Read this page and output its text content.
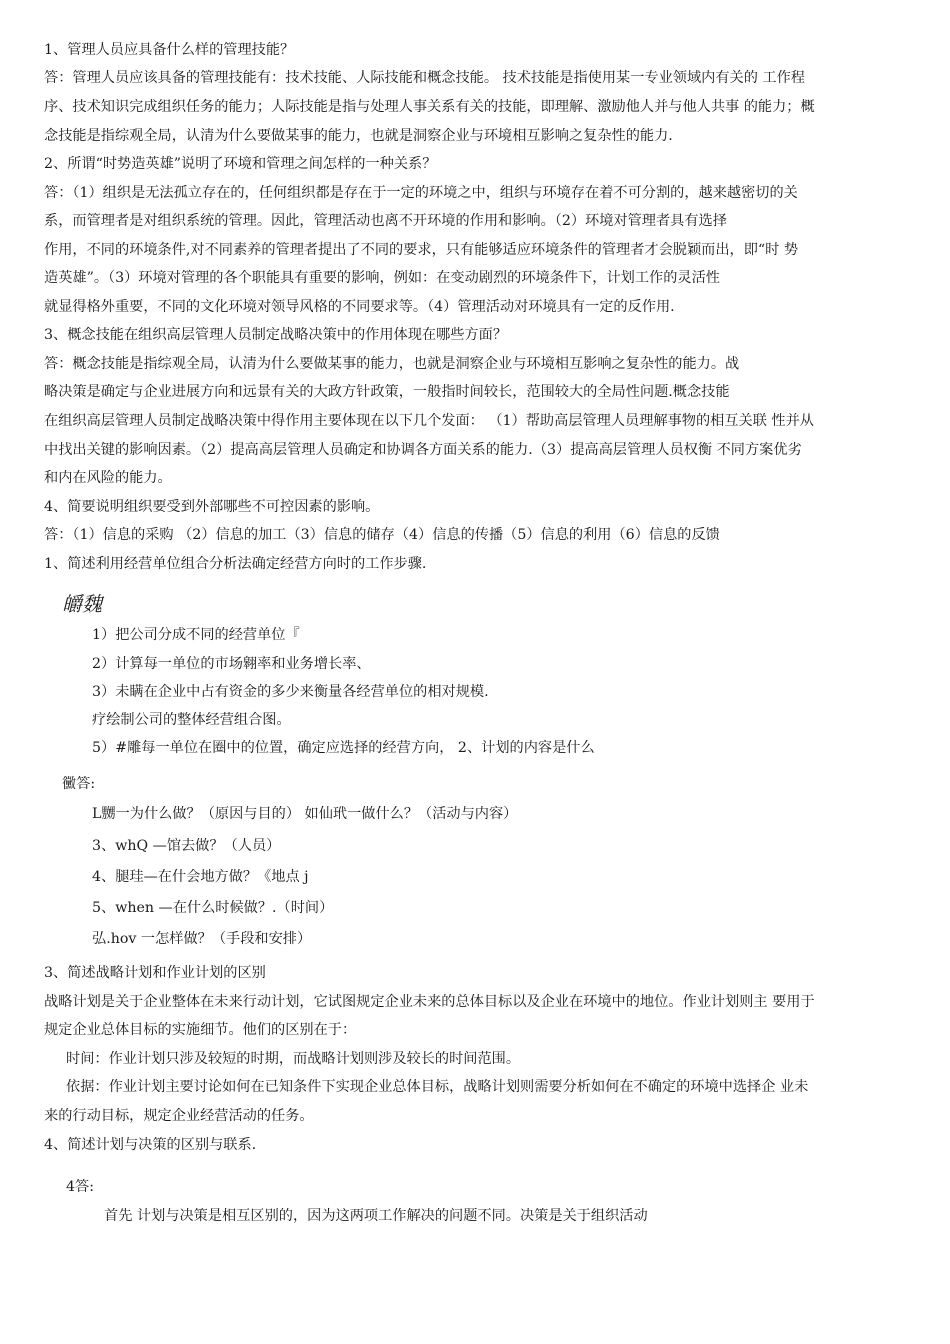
1、管理人员应具备什么样的管理技能？

答：管理人员应该具备的管理技能有：技术技能、人际技能和概念技能。 技术技能是指使用某一专业领域内有关的 工作程

序、技术知识完成组织任务的能力；人际技能是指与处理人事关系有关的技能，即理解、激励他人并与他人共事 的能力；概

念技能是指综观全局，认清为什么要做某事的能力，也就是洞察企业与环境相互影响之复杂性的能力.

2、所谓“时势造英雄”说明了环境和管理之间怎样的一种关系？

答：（1）组织是无法孤立存在的，任何组织都是存在于一定的环境之中，组织与环境存在着不可分割的，越来越密切的关

系，而管理者是对组织系统的管理。因此，管理活动也离不开环境的作用和影响。（2）环境对管理者具有选择

作用，不同的环境条件,对不同素养的管理者提出了不同的要求，只有能够适应环境条件的管理者才会脱颖而出，即“时 势

造英雄”。（3）环境对管理的各个职能具有重要的影响，例如：在变动剧烈的环境条件下，计划工作的灵活性

就显得格外重要，不同的文化环境对领导风格的不同要求等。（4）管理活动对环境具有一定的反作用.

3、概念技能在组织高层管理人员制定战略决策中的作用体现在哪些方面？

答：概念技能是指综观全局，认清为什么要做某事的能力，也就是洞察企业与环境相互影响之复杂性的能力。战

略决策是确定与企业进展方向和远景有关的大政方针政策，一般指时间较长，范围较大的全局性问题.概念技能

在组织高层管理人员制定战略决策中得作用主要体现在以下几个发面： （1）帮助高层管理人员理解事物的相互关联 性并从

中找出关键的影响因素。（2）提高高层管理人员确定和协调各方面关系的能力.（3）提高高层管理人员权衡 不同方案优劣

和内在风险的能力。

4、简要说明组织要受到外部哪些不可控因素的影响。

答：（1）信息的采购 （2）信息的加工（3）信息的储存（4）信息的传播（5）信息的利用（6）信息的反馈

1、简述利用经营单位组合分析法确定经营方向时的工作步骤.

皭魏

1）把公司分成不同的经营单位『

2）计算每一单位的市场翱率和业务增长率、

3）未瞒在企业中占有资金的多少来衡量各经营单位的相对规模.

疗绘制公司的整体经营组合图。

5）#雕每一单位在圈中的位置，确定应选择的经营方向， 2、计划的内容是什么

黴答:

L嬲一为什么做？（原因与目的） 如仙玳一做什么？（活动与内容）

3、whQ —馆去做？（人员）

4、腿珪—在什会地方做？《地点 j

5、when —在什么时候做？.（时间）

弘.hov 一怎样做？（手段和安排）

3、简述战略计划和作业计划的区别

战略计划是关于企业整体在未来行动计划，它试图规定企业未来的总体目标以及企业在环境中的地位。作业计划则主 要用于

规定企业总体目标的实施细节。他们的区别在于：

时间：作业计划只涉及较短的时期，而战略计划则涉及较长的时间范围。

依据：作业计划主要讨论如何在已知条件下实现企业总体目标，战略计划则需要分析如何在不确定的环境中选择企 业未

来的行动目标，规定企业经营活动的任务。

4、简述计划与决策的区别与联系.

4答:

首先 计划与决策是相互区别的，因为这两项工作解决的问题不同。决策是关于组织活动
